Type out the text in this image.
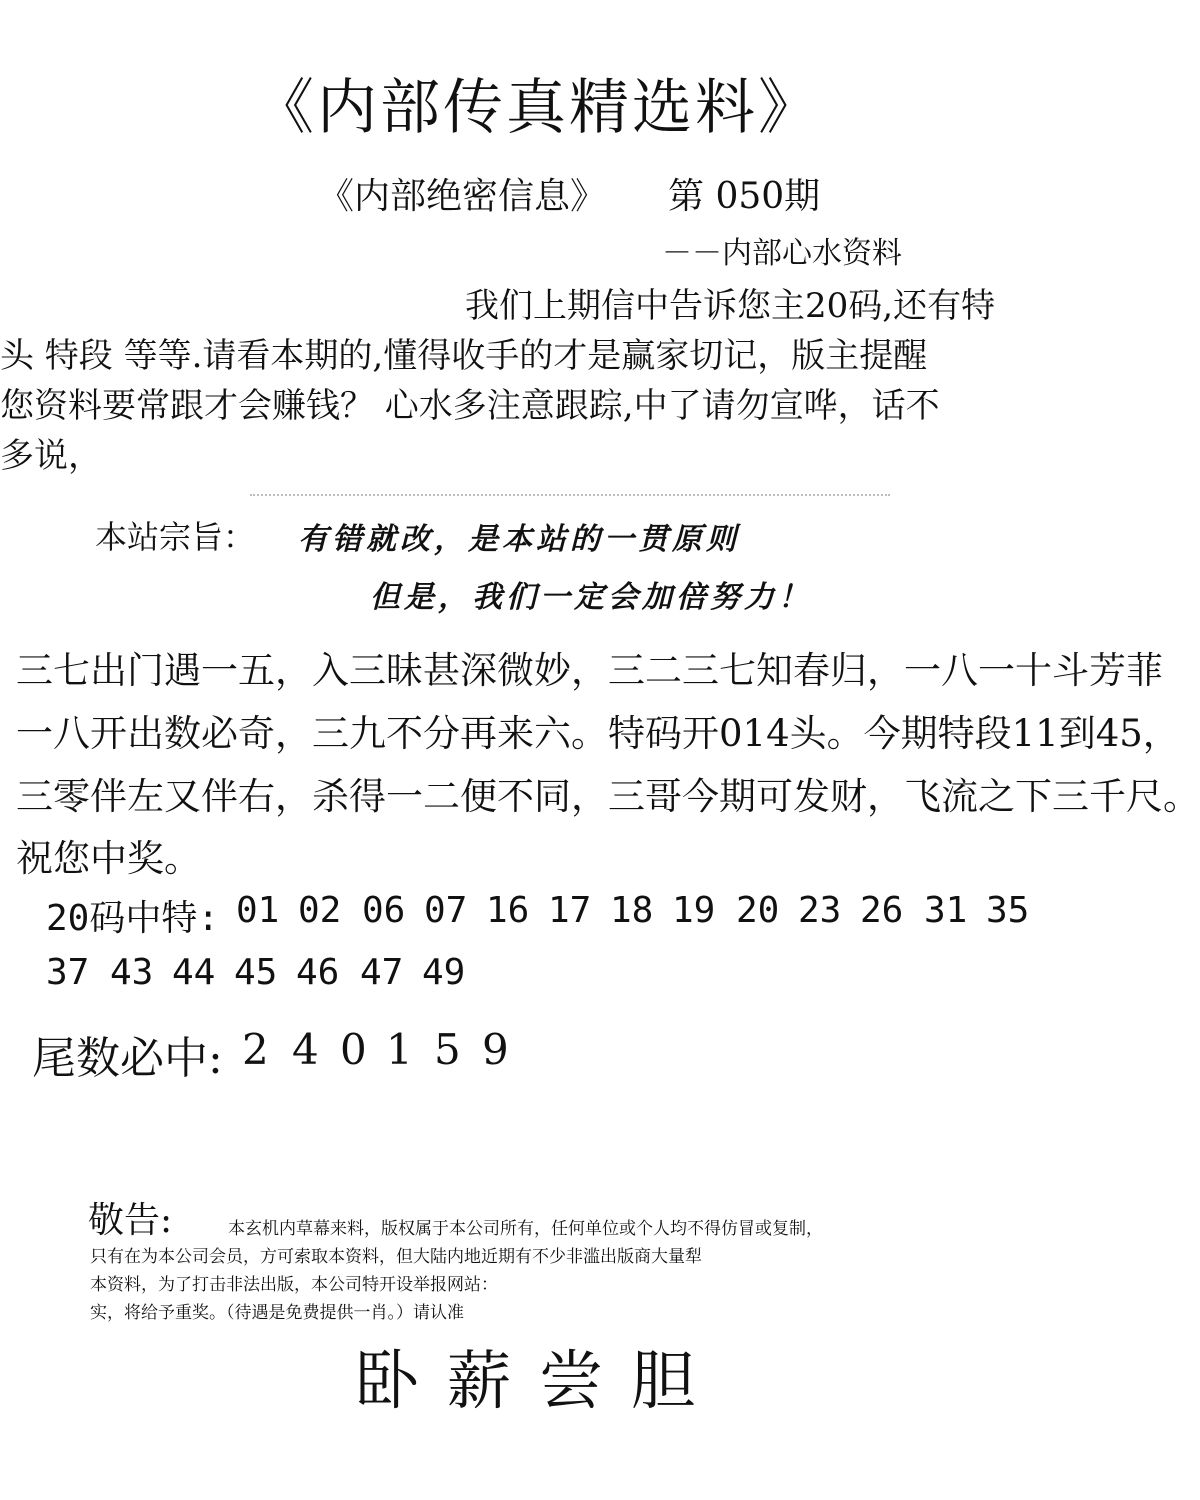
《内部传真精选料》
《内部绝密信息》 第 050期
－－内部心水资料
我们上期信中告诉您主20码,还有特
头 特段 等等.请看本期的,懂得收手的才是赢家切记，版主提醒
您资料要常跟才会赚钱？ 心水多注意跟踪,中了请勿宣哗，话不
多说，
本站宗旨： 有错就改，是本站的一贯原则
但是，我们一定会加倍努力！
三七出门遇一五，入三昧甚深微妙，三二三七知春归，一八一十斗芳菲
一八开出数必奇，三九不分再来六。特码开014头。今期特段11到45，
三零伴左又伴右，杀得一二便不同，三哥今期可发财，飞流之下三千尺。
祝您中奖。
20码中特: 01 02 06 07 16 17 18 19 20 23 26 31 35
37 43 44 45 46 47 49
尾数必中: 2 4 0 1 5 9
敬告:	本玄机内草幕来料，版权属于本公司所有，任何单位或个人均不得仿冒或复制，
只有在为本公司会员，方可索取本资料，但大陆内地近期有不少非滥出版商大量犁
本资料，为了打击非法出版，本公司特开设举报网站：
实，将给予重奖。（待遇是免费提供一肖。）请认准
卧薪尝胆
